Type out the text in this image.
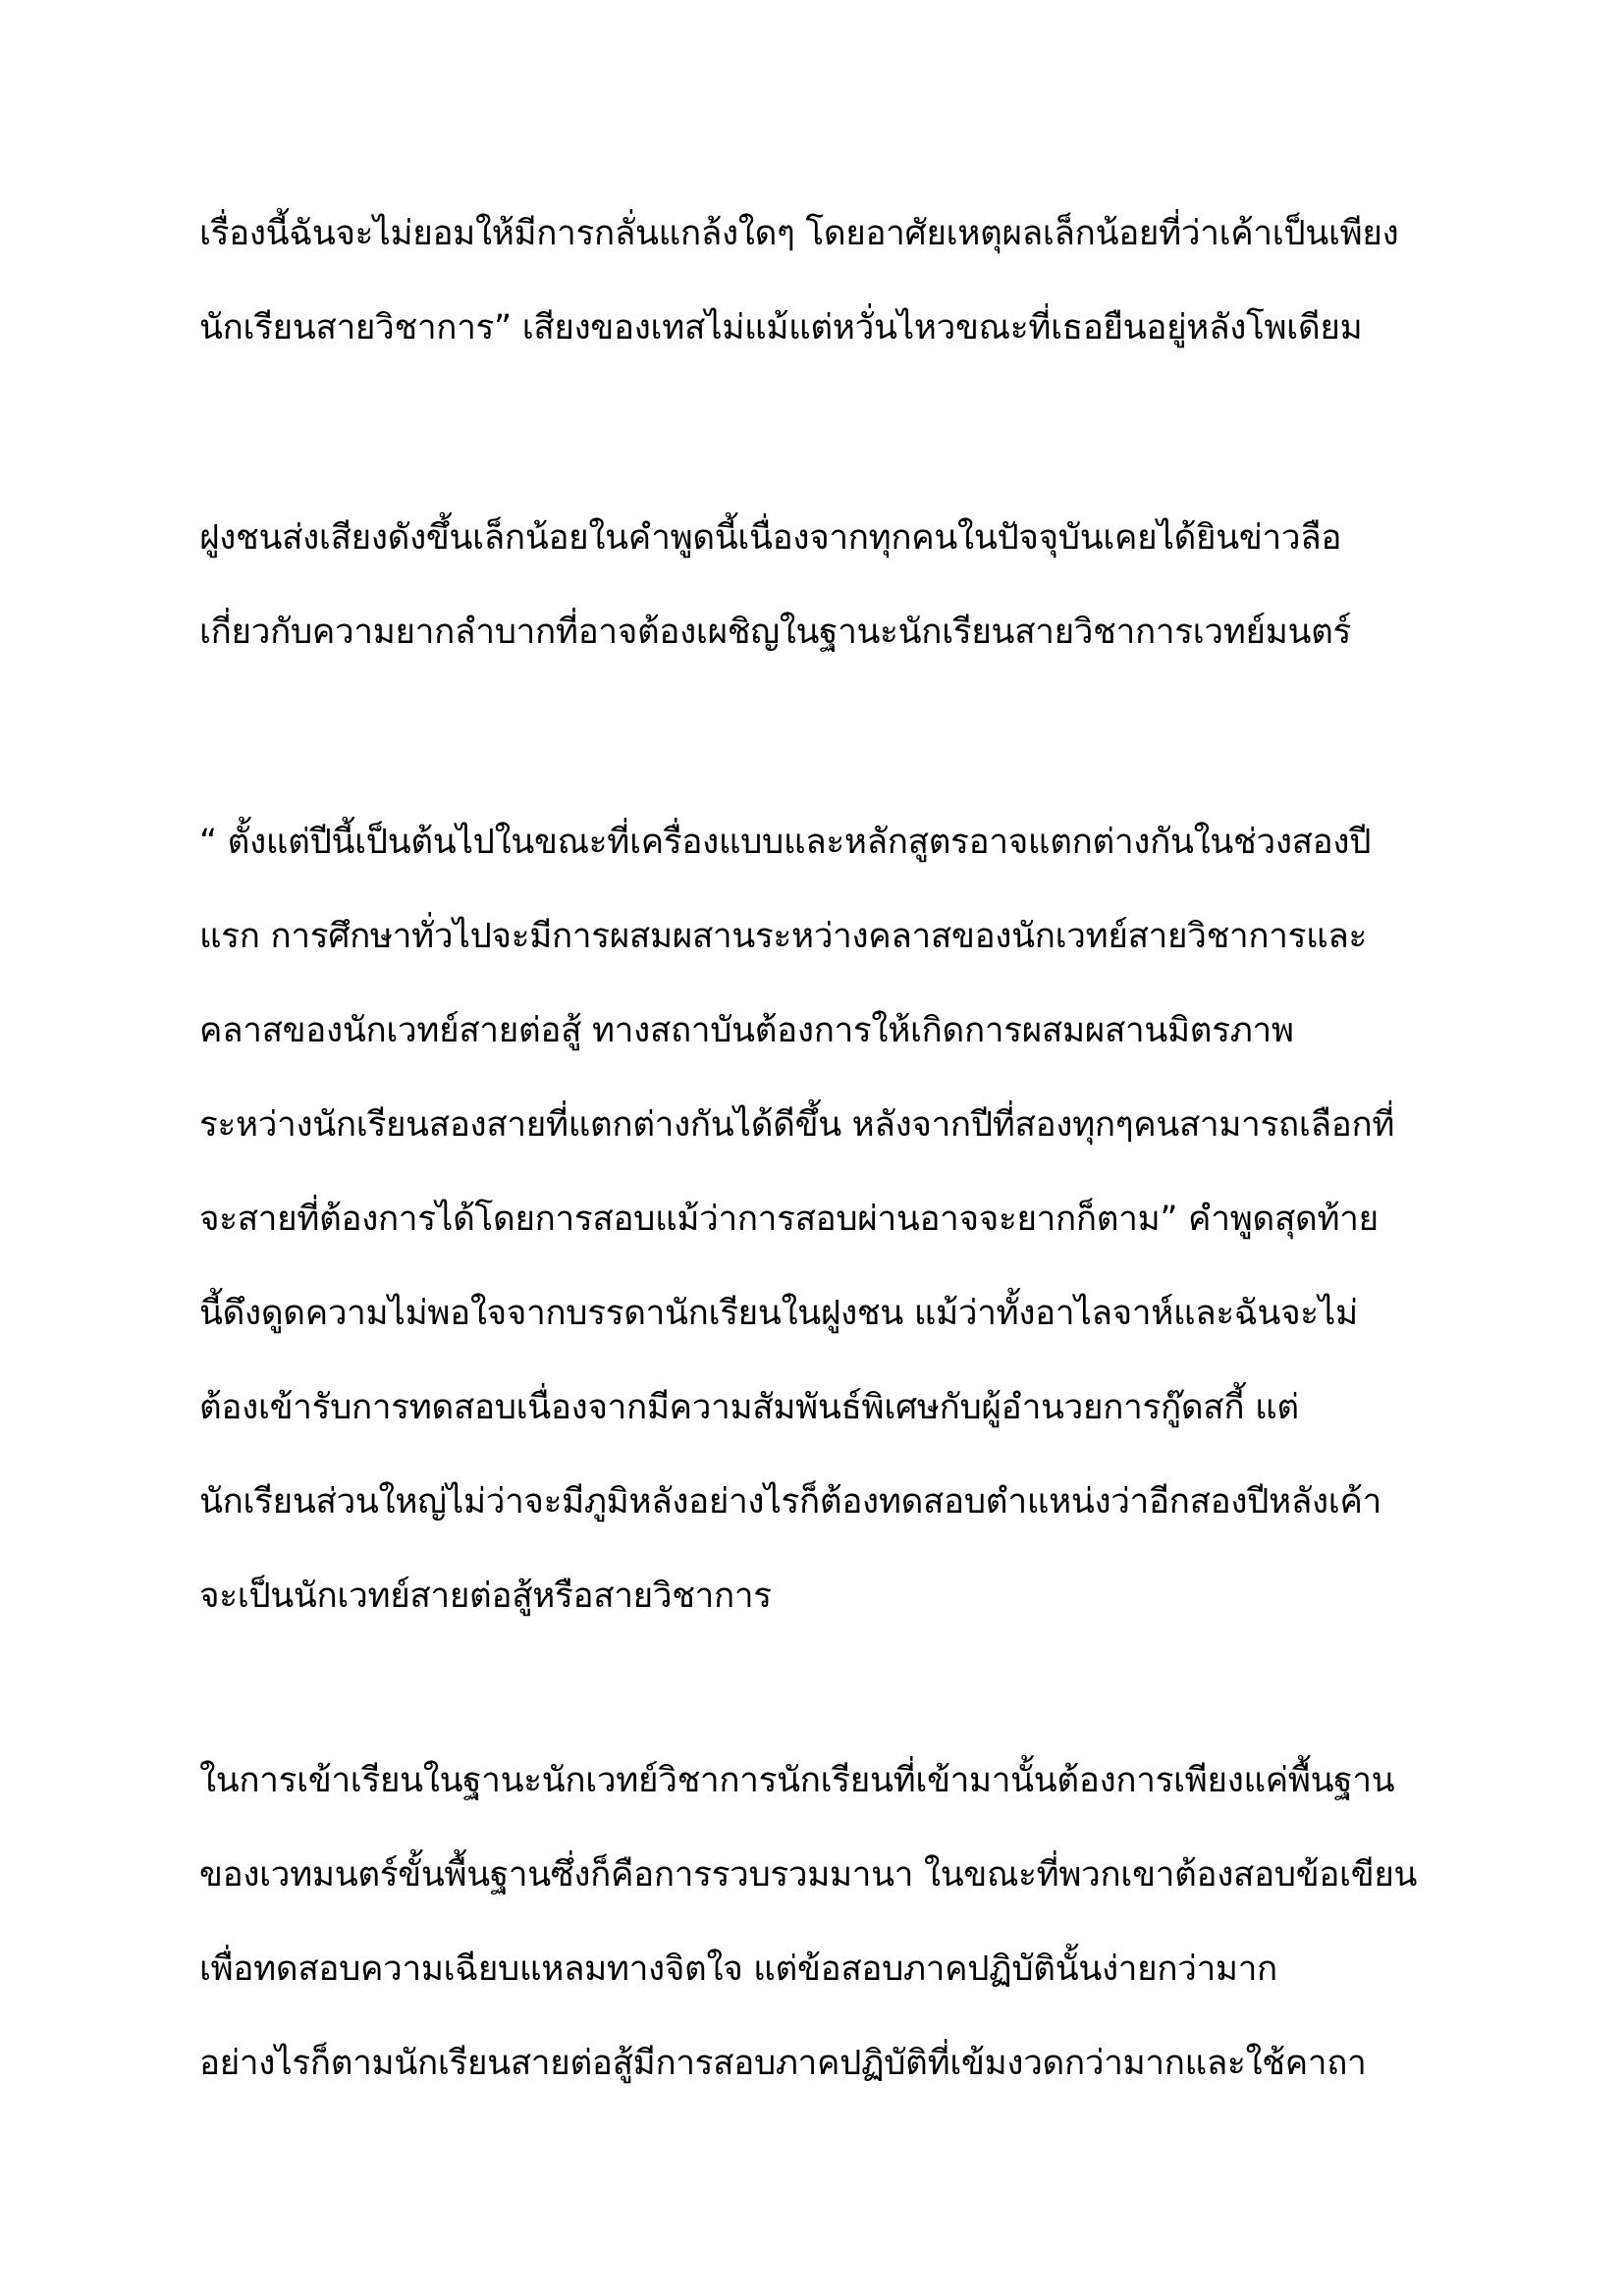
เรื่องนี้ฉันจะไม่ยอมให้มีการกลั่นแกล้งใดๆ โดยอาศัยเหตุผลเล็กน้อยที่ว่าเค้าเป็นเพียง
นักเรียนสายวิชาการ” เสียงของเทสไม่แม้แต่หวั่นไหวขณะที่เธอยืนอยู่หลังโพเดียม
ฝูงชนส่งเสียงดังขึ้นเล็กน้อยในคำพูดนี้เนื่องจากทุกคนในปัจจุบันเคยได้ยินข่าวลือ
เกี่ยวกับความยากลำบากที่อาจต้องเผชิญในฐานะนักเรียนสายวิชาการเวทย์มนตร์
“ ตั้งแต่ปีนี้เป็นต้นไปในขณะที่เครื่องแบบและหลักสูตรอาจแตกต่างกันในช่วงสองปี
แรก การศึกษาทั่วไปจะมีการผสมผสานระหว่างคลาสของนักเวทย์สายวิชาการและ
คลาสของนักเวทย์สายต่อสู้ ทางสถาบันต้องการให้เกิดการผสมผสานมิตรภาพ
ระหว่างนักเรียนสองสายที่แตกต่างกันได้ดีขึ้น หลังจากปีที่สองทุกๆคนสามารถเลือกที่
จะสายที่ต้องการได้โดยการสอบแม้ว่าการสอบผ่านอาจจะยากก็ตาม” คำพูดสุดท้าย
นี้ดึงดูดความไม่พอใจจากบรรดานักเรียนในฝูงชน แม้ว่าทั้งอาไลจาห์และฉันจะไม่
ต้องเข้ารับการทดสอบเนื่องจากมีความสัมพันธ์พิเศษกับผู้อำนวยการกู๊ดสกี้ แต่
นักเรียนส่วนใหญ่ไม่ว่าจะมีภูมิหลังอย่างไรก็ต้องทดสอบตำแหน่งว่าอีกสองปีหลังเค้า
จะเป็นนักเวทย์สายต่อสู้หรือสายวิชาการ
ในการเข้าเรียนในฐานะนักเวทย์วิชาการนักเรียนที่เข้ามานั้นต้องการเพียงแค่พื้นฐาน
ของเวทมนตร์ขั้นพื้นฐานซึ่งก็คือการรวบรวมมานา ในขณะที่พวกเขาต้องสอบข้อเขียน
เพื่อทดสอบความเฉียบแหลมทางจิตใจ แต่ข้อสอบภาคปฏิบัตินั้นง่ายกว่ามาก
อย่างไรก็ตามนักเรียนสายต่อสู้มีการสอบภาคปฏิบัติที่เข้มงวดกว่ามากและใช้คาถา
